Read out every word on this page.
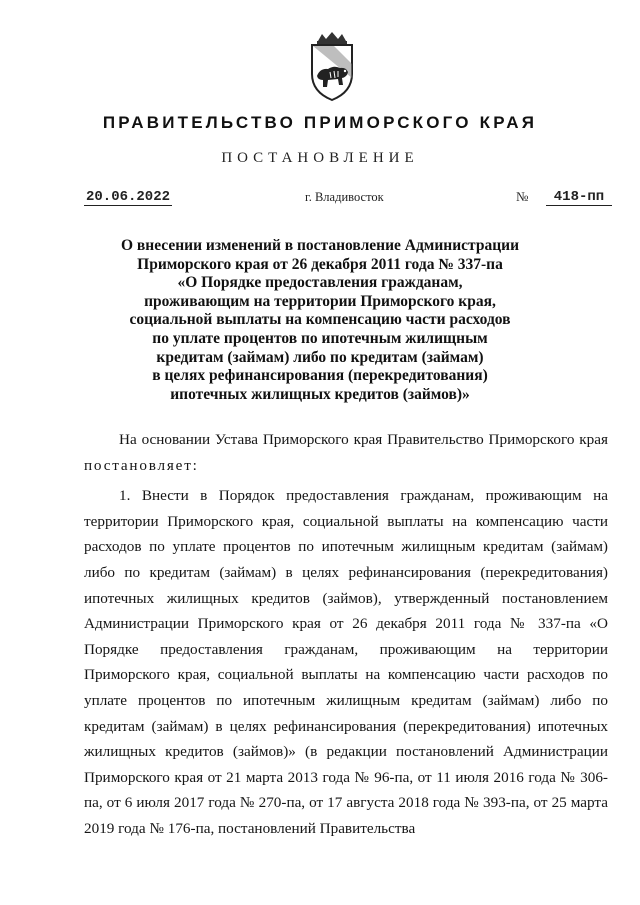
ПРАВИТЕЛЬСТВО ПРИМОРСКОГО КРАЯ
ПОСТАНОВЛЕНИЕ
20.06.2022	г. Владивосток	№	418-пп
О внесении изменений в постановление Администрации
Приморского края от 26 декабря 2011 года № 337-па
«О Порядке предоставления гражданам,
проживающим на территории Приморского края,
социальной выплаты на компенсацию части расходов
по уплате процентов по ипотечным жилищным
кредитам (займам) либо по кредитам (займам)
в целях рефинансирования (перекредитования)
ипотечных жилищных кредитов (займов)»

На основании Устава Приморского края Правительство Приморского края постановляет:

1. Внести в Порядок предоставления гражданам, проживающим на территории Приморского края, социальной выплаты на компенсацию части расходов по уплате процентов по ипотечным жилищным кредитам (займам) либо по кредитам (займам) в целях рефинансирования (перекредитования) ипотечных жилищных кредитов (займов), утвержденный постановлением Администрации Приморского края от 26 декабря 2011 года № 337-па «О Порядке предоставления гражданам, проживающим на территории Приморского края, социальной выплаты на компенсацию части расходов по уплате процентов по ипотечным жилищным кредитам (займам) либо по кредитам (займам) в целях рефинансирования (перекредитования) ипотечных жилищных кредитов (займов)» (в редакции постановлений Администрации Приморского края от 21 марта 2013 года № 96-па, от 11 июля 2016 года № 306-па, от 6 июля 2017 года № 270-па, от 17 августа 2018 года № 393-па, от 25 марта 2019 года № 176-па, постановлений Правительства
